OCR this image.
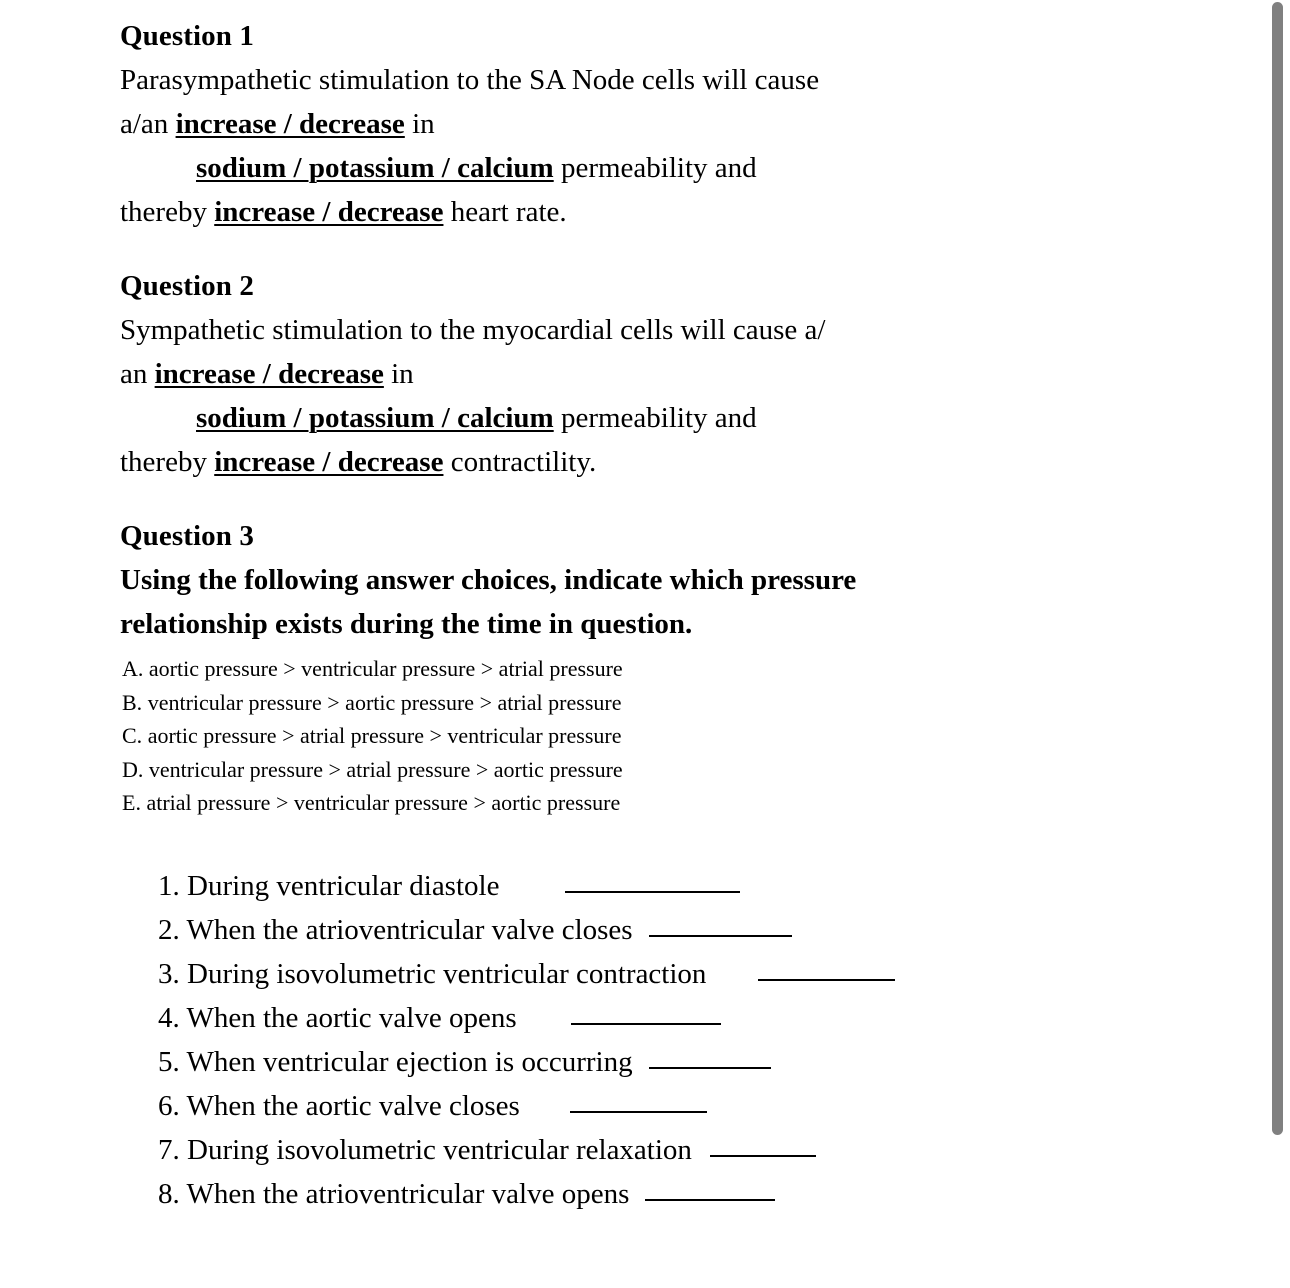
Question 1
Parasympathetic stimulation to the SA Node cells will cause
a/an increase / decrease in
sodium / potassium / calcium permeability and
thereby increase / decrease heart rate.
Question 2
Sympathetic stimulation to the myocardial cells will cause a/
an increase / decrease in
sodium / potassium / calcium permeability and
thereby increase / decrease contractility.
Question 3
Using the following answer choices, indicate which pressure
relationship exists during the time in question.
A. aortic pressure > ventricular pressure > atrial pressure
B. ventricular pressure > aortic pressure > atrial pressure
C. aortic pressure > atrial pressure > ventricular pressure
D. ventricular pressure > atrial pressure > aortic pressure
E. atrial pressure > ventricular pressure > aortic pressure
1. During ventricular diastole
2. When the atrioventricular valve closes
3. During isovolumetric ventricular contraction
4. When the aortic valve opens
5. When ventricular ejection is occurring
6. When the aortic valve closes
7. During isovolumetric ventricular relaxation
8. When the atrioventricular valve opens
